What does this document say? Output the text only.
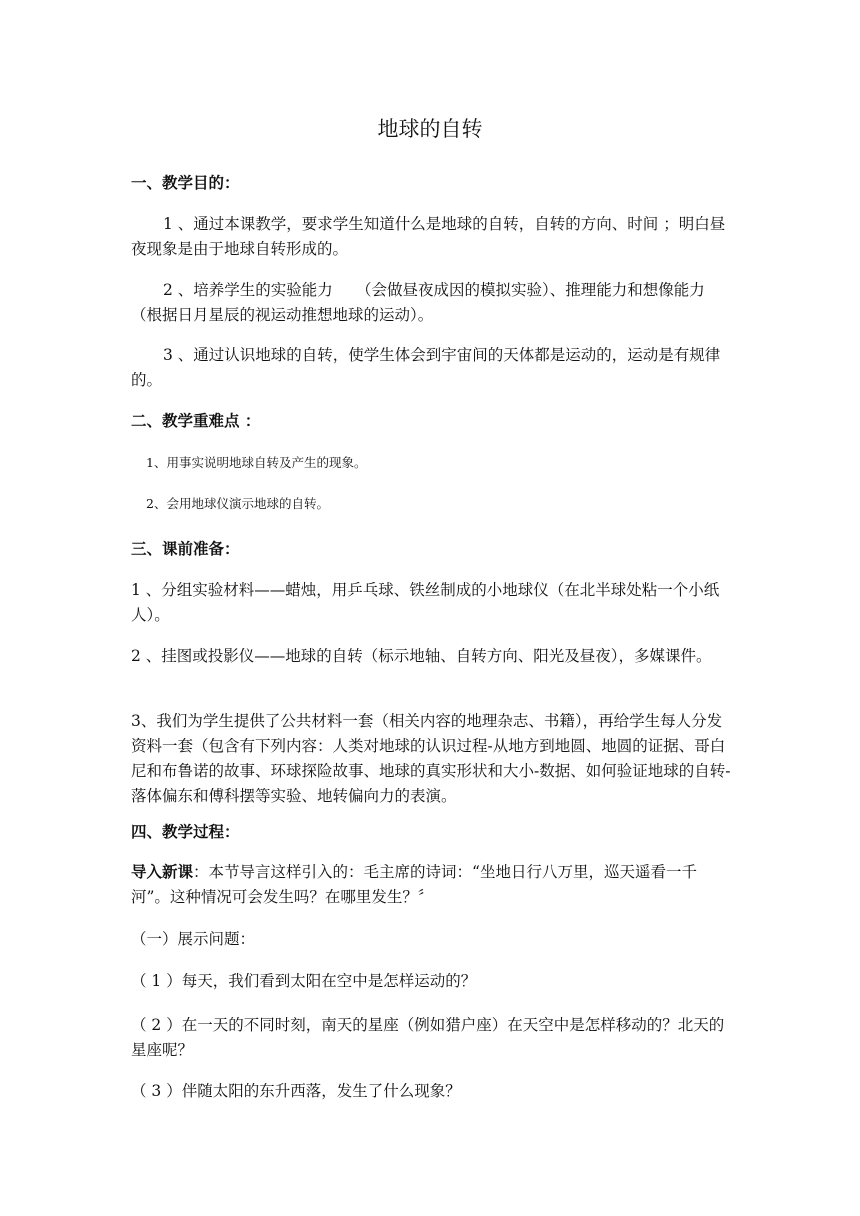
地球的自转
一、教学目的：

1 、通过本课教学，要求学生知道什么是地球的自转，自转的方向、时间 ；明白昼夜现象是由于地球自转形成的。

2 、培养学生的实验能力　　（会做昼夜成因的模拟实验）、推理能力和想像能力（根据日月星辰的视运动推想地球的运动）。

3 、通过认识地球的自转，使学生体会到宇宙间的天体都是运动的，运动是有规律的。

二、教学重难点 ：

1、用事实说明地球自转及产生的现象。

2、会用地球仪演示地球的自转。

三、课前准备：

1 、分组实验材料——蜡烛，用乒乓球、铁丝制成的小地球仪（在北半球处粘一个小纸人）。

2 、挂图或投影仪——地球的自转（标示地轴、自转方向、阳光及昼夜），多媒课件。

3、我们为学生提供了公共材料一套（相关内容的地理杂志、书籍），再给学生每人分发资料一套（包含有下列内容：人类对地球的认识过程-从地方到地圆、地圆的证据、哥白尼和布鲁诺的故事、环球探险故事、地球的真实形状和大小-数据、如何验证地球的自转-落体偏东和傅科摆等实验、地转偏向力的表演。

四、教学过程：

导入新课：本节导言这样引入的：毛主席的诗词：“坐地日行八万里，巡天遥看一千河”。这种情况可会发生吗？在哪里发生？〞

（一）展示问题：

（ 1 ）每天，我们看到太阳在空中是怎样运动的？

（ 2 ）在一天的不同时刻，南天的星座（例如猎户座）在天空中是怎样移动的？北天的星座呢？

（ 3 ）伴随太阳的东升西落，发生了什么现象？
